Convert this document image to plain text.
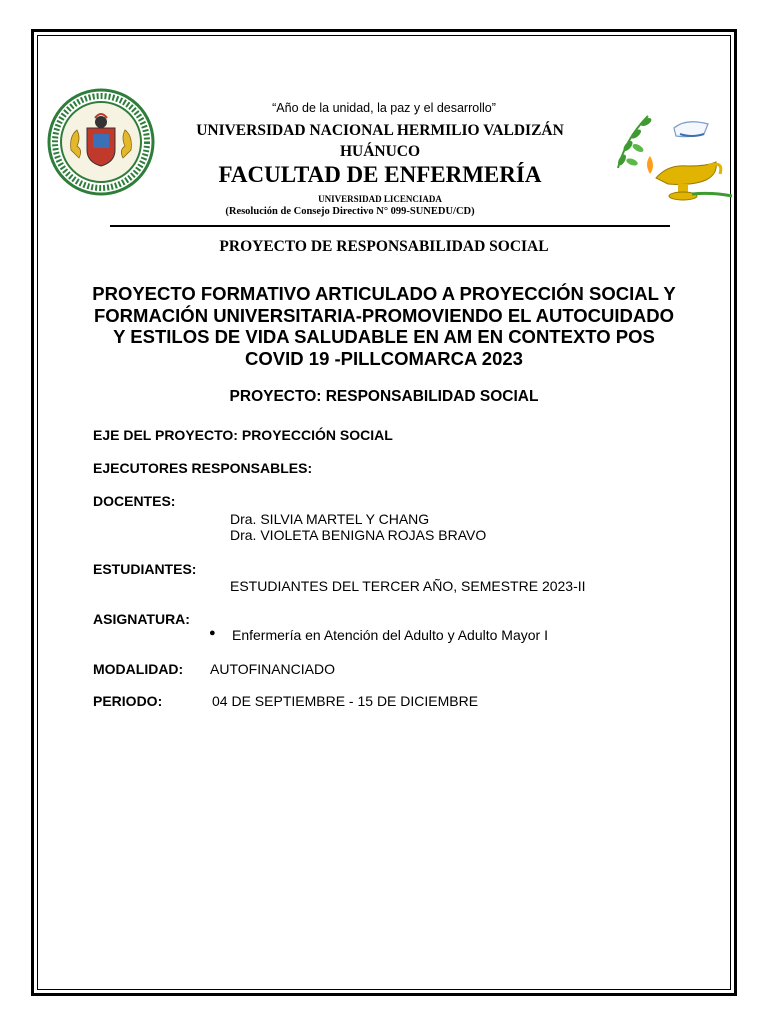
“Año de la unidad, la paz y el desarrollo”
UNIVERSIDAD NACIONAL HERMILIO VALDIZÁN
HUÁNUCO
FACULTAD DE ENFERMERÍA
UNIVERSIDAD LICENCIADA
(Resolución de Consejo Directivo N° 099-SUNEDU/CD)
PROYECTO DE RESPONSABILIDAD SOCIAL
PROYECTO FORMATIVO ARTICULADO A PROYECCIÓN SOCIAL Y FORMACIÓN UNIVERSITARIA-PROMOVIENDO EL AUTOCUIDADO Y ESTILOS DE VIDA SALUDABLE EN AM EN CONTEXTO POS COVID 19 -PILLCOMARCA 2023
PROYECTO: RESPONSABILIDAD SOCIAL
EJE DEL PROYECTO: PROYECCIÓN SOCIAL
EJECUTORES RESPONSABLES:
DOCENTES:
Dra. SILVIA MARTEL Y CHANG
Dra. VIOLETA BENIGNA ROJAS BRAVO
ESTUDIANTES:
ESTUDIANTES DEL TERCER AÑO, SEMESTRE 2023-II
ASIGNATURA:
● Enfermería en Atención del Adulto y Adulto Mayor I
MODALIDAD: AUTOFINANCIADO
PERIODO:	04 DE SEPTIEMBRE - 15 DE DICIEMBRE
